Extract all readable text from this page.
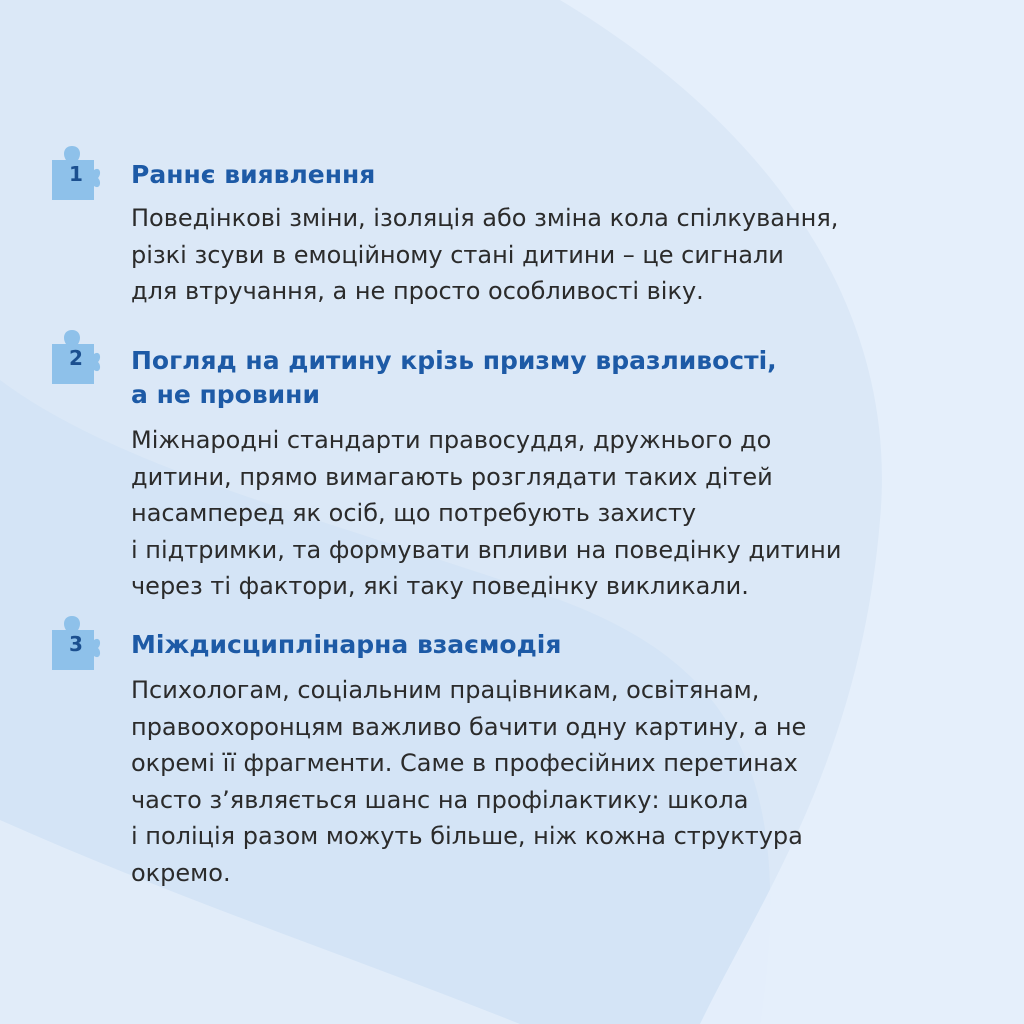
1	Раннє виявлення

Поведінкові зміни, ізоляція або зміна кола спілкування,
різкі зсуви в емоційному стані дитини – це сигнали
для втручання, а не просто особливості віку.

2	Погляд на дитину крізь призму вразливості,
а не провини

Міжнародні стандарти правосуддя, дружнього до
дитини, прямо вимагають розглядати таких дітей
насамперед як осіб, що потребують захисту
і підтримки, та формувати впливи на поведінку дитини
через ті фактори, які таку поведінку викликали.

3	Міждисциплінарна взаємодія

Психологам, соціальним працівникам, освітянам,
правоохоронцям важливо бачити одну картину, а не
окремі її фрагменти. Саме в професійних перетинах
часто з’являється шанс на профілактику: школа
і поліція разом можуть більше, ніж кожна структура
окремо.
